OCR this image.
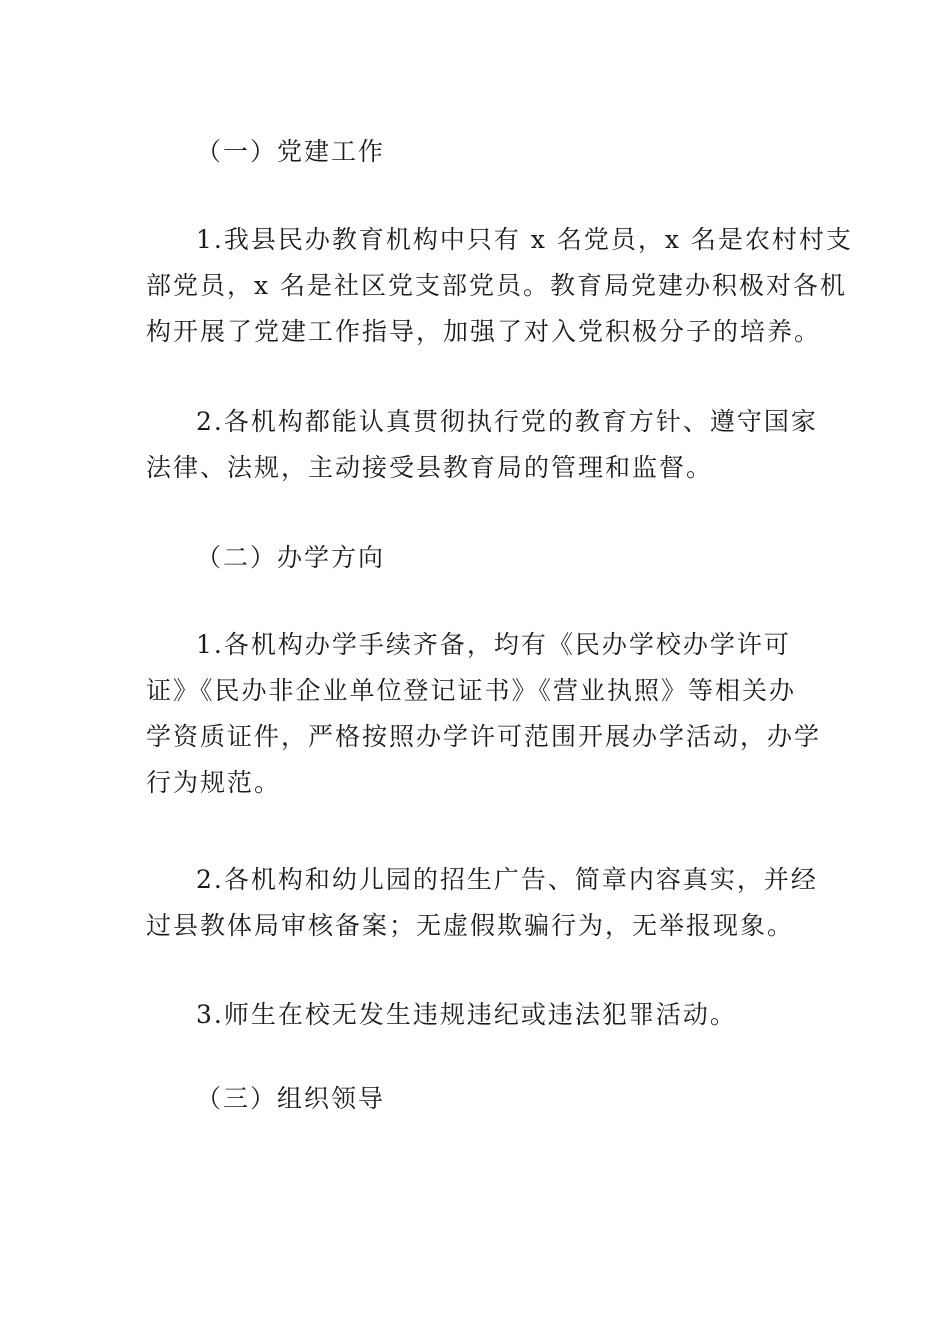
（一）党建工作
1.我县民办教育机构中只有 x 名党员，x 名是农村村支
部党员，x 名是社区党支部党员。教育局党建办积极对各机
构开展了党建工作指导，加强了对入党积极分子的培养。
2.各机构都能认真贯彻执行党的教育方针、遵守国家
法律、法规，主动接受县教育局的管理和监督。
（二）办学方向
1.各机构办学手续齐备，均有《民办学校办学许可
证》《民办非企业单位登记证书》《营业执照》等相关办
学资质证件，严格按照办学许可范围开展办学活动，办学
行为规范。
2.各机构和幼儿园的招生广告、简章内容真实，并经
过县教体局审核备案；无虚假欺骗行为，无举报现象。
3.师生在校无发生违规违纪或违法犯罪活动。
（三）组织领导
